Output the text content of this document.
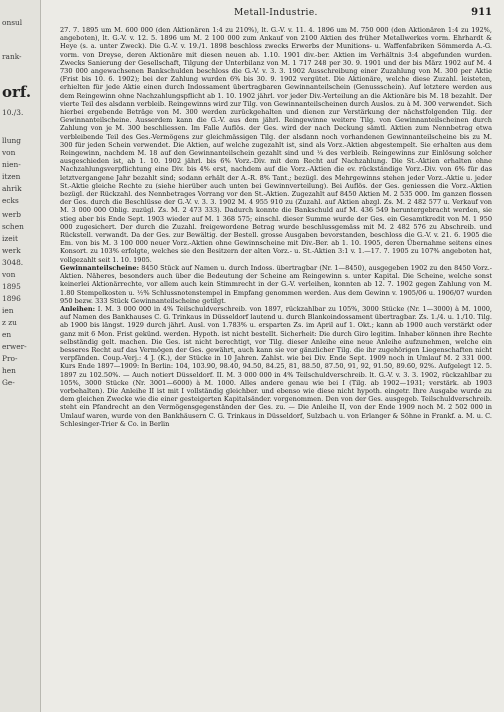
onsul
rank-
orf.
10./3.
llung
von
nien-
itzen
ahrik
ecks
werb
schen
izeit
werk
3048.
von
1895
1896
ien
z zu
en
erwer-
Pro-
hen
Ge-
Metall-Industrie.	911

27. 7. 1895 um M. 600 000 (den Aktionären 1:4 zu 210%), lt. G.-V. v. 11. 4. 1896 um M. 750 000 (den Aktionären 1:4 zu 192%, angeboten), lt. G.-V. v. 12. 5. 1896 um M. 2 100 000 zum Ankauf von 2100 Aktien des früher Metallwerkes vorm. Ehrhardt & Heye (s. a. unter Zweck). Die G.-V. v. 19./1. 1898 beschloss zwecks Erwerbs der Munitions- u. Waffenfabriken Sömmerda A.-G. vorm. von Dreyse, deren Aktionäre mit diesen neuen ab. 1.10. 1901 div.-ber. Aktien im Verhältnis 3:4 abgefunden wurden. Zwecks Sanierung der Gesellschaft, Tilgung der Unterbilanz von M. 1 717 248 per 30. 9. 1901 und der bis März 1902 auf M. 4 730 000 angewachsenen Bankschulden beschloss die G.-V. v. 3. 3. 1902 Ausschreibung einer Zuzahlung von M. 300 per Aktie (Frist bis 10. 6. 1902); bei der Zahlung wurden 6% bis 30. 9. 1902 vergütet. Die Aktionäre, welche diese Zuzahl. leisteten, erhielten für jede Aktie einen durch Indossament übertragbaren Gewinnanteilschein (Genussschein). Auf letztere werden aus dem Reingewinn ohne Nachzahlungspflicht ab 1. 10. 1902 jährl. vor jeder Div.-Verteilung an die Aktionäre bis M. 18 bezahlt. Der vierte Teil des alsdann verbleib. Reingewinns wird zur Tilg. von Gewinnanteilscheinen durch Auslos. zu à M. 300 verwendet. Sich hierbei ergebende Beträge von M. 300 werden zurückgehalten und dienen zur Verstärkung der nächstfolgenden Tilg. der Gewinnanteilscheine. Ausserdem kann die G.-V. aus dem jährl. Reingewinne weitere Tilg. von Gewinnanteilscheinen durch Zahlung von je M. 300 beschliessen. Im Falle Auflös. der Ges. wird der nach Deckung sämtl. Aktien zum Nennbetrag etwa verbleibende Teil des Ges.-Vermögens zur gleichmässigen Tilg. der alsdann noch vorhandenen Gewinnanteilscheine bis zu M. 300 für jeden Schein verwendet. Die Aktien, auf welche zugezahlt ist, sind als Vorz.-Aktien abgestempelt. Sie erhalten aus dem Reingewinn, nachdem M. 18 auf den Gewinnanteilschein gezahlt sind und ¼ des verbleib. Reingewinns zur Einlösung solcher ausgeschieden ist, ab 1. 10. 1902 jährl. bis 6% Vorz.-Div. mit dem Recht auf Nachzahlung. Die St.-Aktien erhalten ohne Nachzahlungsverpflichtung eine Div. bis 4% erst, nachdem auf die Vorz.-Aktien die ev. rückständige Vorz.-Div. von 6% für das letztvergangene Jahr bezahlt sind; sodann erhält der A.-R. 8% Tant.; bezügl. des Mehrgewinns stehen jeder Vorz.-Aktie u. jeder St.-Aktie gleiche Rechte zu (siehe hierüber auch unten bei Gewinnverteilung). Bei Auflös. der Ges. geniessen die Vorz.-Aktien bezügl. der Rückzahl. des Nennbetrages Vorrang vor den St.-Aktien. Zugezahlt auf 8450 Aktien M. 2 535 000. Im ganzen flossen der Ges. durch die Beschlüsse der G.-V. v. 3. 3. 1902 M. 4 955 910 zu (Zuzahl. auf Aktien abzgl. Zs. M. 2 482 577 u. Verkauf von M. 3 000 000 Oblig. zuzügl. Zs. M. 2 473 333). Dadurch konnte die Bankschuld auf M. 436 549 heruntergebracht werden, sie stieg aber bis Ende Sept. 1903 wieder auf M. 1 368 575; einschl. dieser Summe wurde der Ges. ein Gesamtkredit von M. 1 950 000 zugesichert. Der durch die Zuzahl. freigewordene Betrag wurde beschlussgemäss mit M. 2 482 576 zu Abschreib. und Rückstell. verwandt. Da der Ges. zur Bewältig. der Bestell. grosse Ausgaben bevorstanden, beschloss die G.-V. v. 21. 6. 1905 die Em. von bis M. 3 100 000 neuer Vorz.-Aktien ohne Gewinnscheine mit Div.-Ber. ab 1. 10. 1905, deren Übernahme seitens eines Konsort. zu 103% erfolgte, welches sie den Besitzern der alten Vorz.- u. St.-Aktien 3:1 v. 1.—17. 7. 1905 zu 107% angeboten hat, vollgezahlt seit 1. 10. 1905.

Gewinnanteilscheine: 8450 Stück auf Namen u. durch Indoss. übertragbar (Nr. 1—8450), ausgegeben 1902 zu den 8450 Vorz.-Aktien. Näheres, besonders auch über die Bedeutung der Scheine am Reingewinn s. unter Kapital. Die Scheine, welche sonst keinerlei Aktionärrechte, vor allem auch kein Stimmrecht in der G.-V. verleihen, konnten ab 12. 7. 1902 gegen Zahlung von M. 1.80 Stempelkosten u. ½% Schlussnotenstempel in Empfang genommen werden. Aus dem Gewinn v. 1905/06 u. 1906/07 wurden 950 bezw. 333 Stück Gewinnanteilscheine getilgt.

Anleihen: I. M. 3 000 000 in 4% Teilschuldverschreib. von 1897, rückzahlbar zu 105%, 3000 Stücke (Nr. 1—3000) à M. 1000, auf Namen des Bankhauses C. G. Trinkaus in Düsseldorf lautend u. durch Blankoindossament übertragbar. Zs. 1./4. u. 1./10. Tilg. ab 1900 bis längst. 1929 durch jährl. Ausl. von 1.783% u. ersparten Zs. im April auf 1. Okt.; kann ab 1900 auch verstärkt oder ganz mit 6 Mon. Frist gekünd. werden. Hypoth. ist nicht bestellt. Sicherheit: Die durch Giro legitim. Inhaber können ihre Rechte selbständig gelt. machen. Die Ges. ist nicht berechtigt, vor Tilg. dieser Anleihe eine neue Anleihe aufzunehmen, welche ein besseres Recht auf das Vermögen der Ges. gewährt, auch kann sie vor gänzlicher Tilg. die ihr zugehörigen Liegenschaften nicht verpfänden. Coup.-Verj.: 4 J. (K.), der Stücke in 10 Jahren. Zahlst. wie bei Div. Ende Sept. 1909 noch in Umlauf M. 2 331 000. Kurs Ende 1897—1909: In Berlin: 104, 103.90, 98.40, 94.50, 84.25, 81, 88.50, 87.50, 91, 92, 91.50, 89.60, 92%. Aufgelegt 12. 5. 1897 zu 102.50%. — Auch notiert Düsseldorf. II. M. 3 000 000 in 4% Teilschuldverschreib. lt. G.-V. v. 3. 3. 1902, rückzahlbar zu 105%, 3000 Stücke (Nr. 3001—6000) à M. 1000. Alles andere genau wie bei I (Tilg. ab 1902—1931; verstärk. ab 1903 vorbehalten). Die Anleihe II ist mit I vollständig gleichber. und ebenso wie diese nicht hypoth. eingetr. Ihre Ausgabe wurde zu dem gleichen Zwecke wie die einer gesteigerten Kapitalsänder. vorgenommen. Den von der Ges. ausgegeb. Teilschuldverschreib. steht ein Pfandrecht an den Vermögensgegenständen der Ges. zu. — Die Anleihe II, von der Ende 1909 noch M. 2 502 000 in Umlauf waren, wurde von den Bankhäusern C. G. Trinkaus in Düsseldorf, Sulzbach u. von Erlanger & Söhne in Frankf. a. M. u. C. Schlesinger-Trier & Co. in Berlin
